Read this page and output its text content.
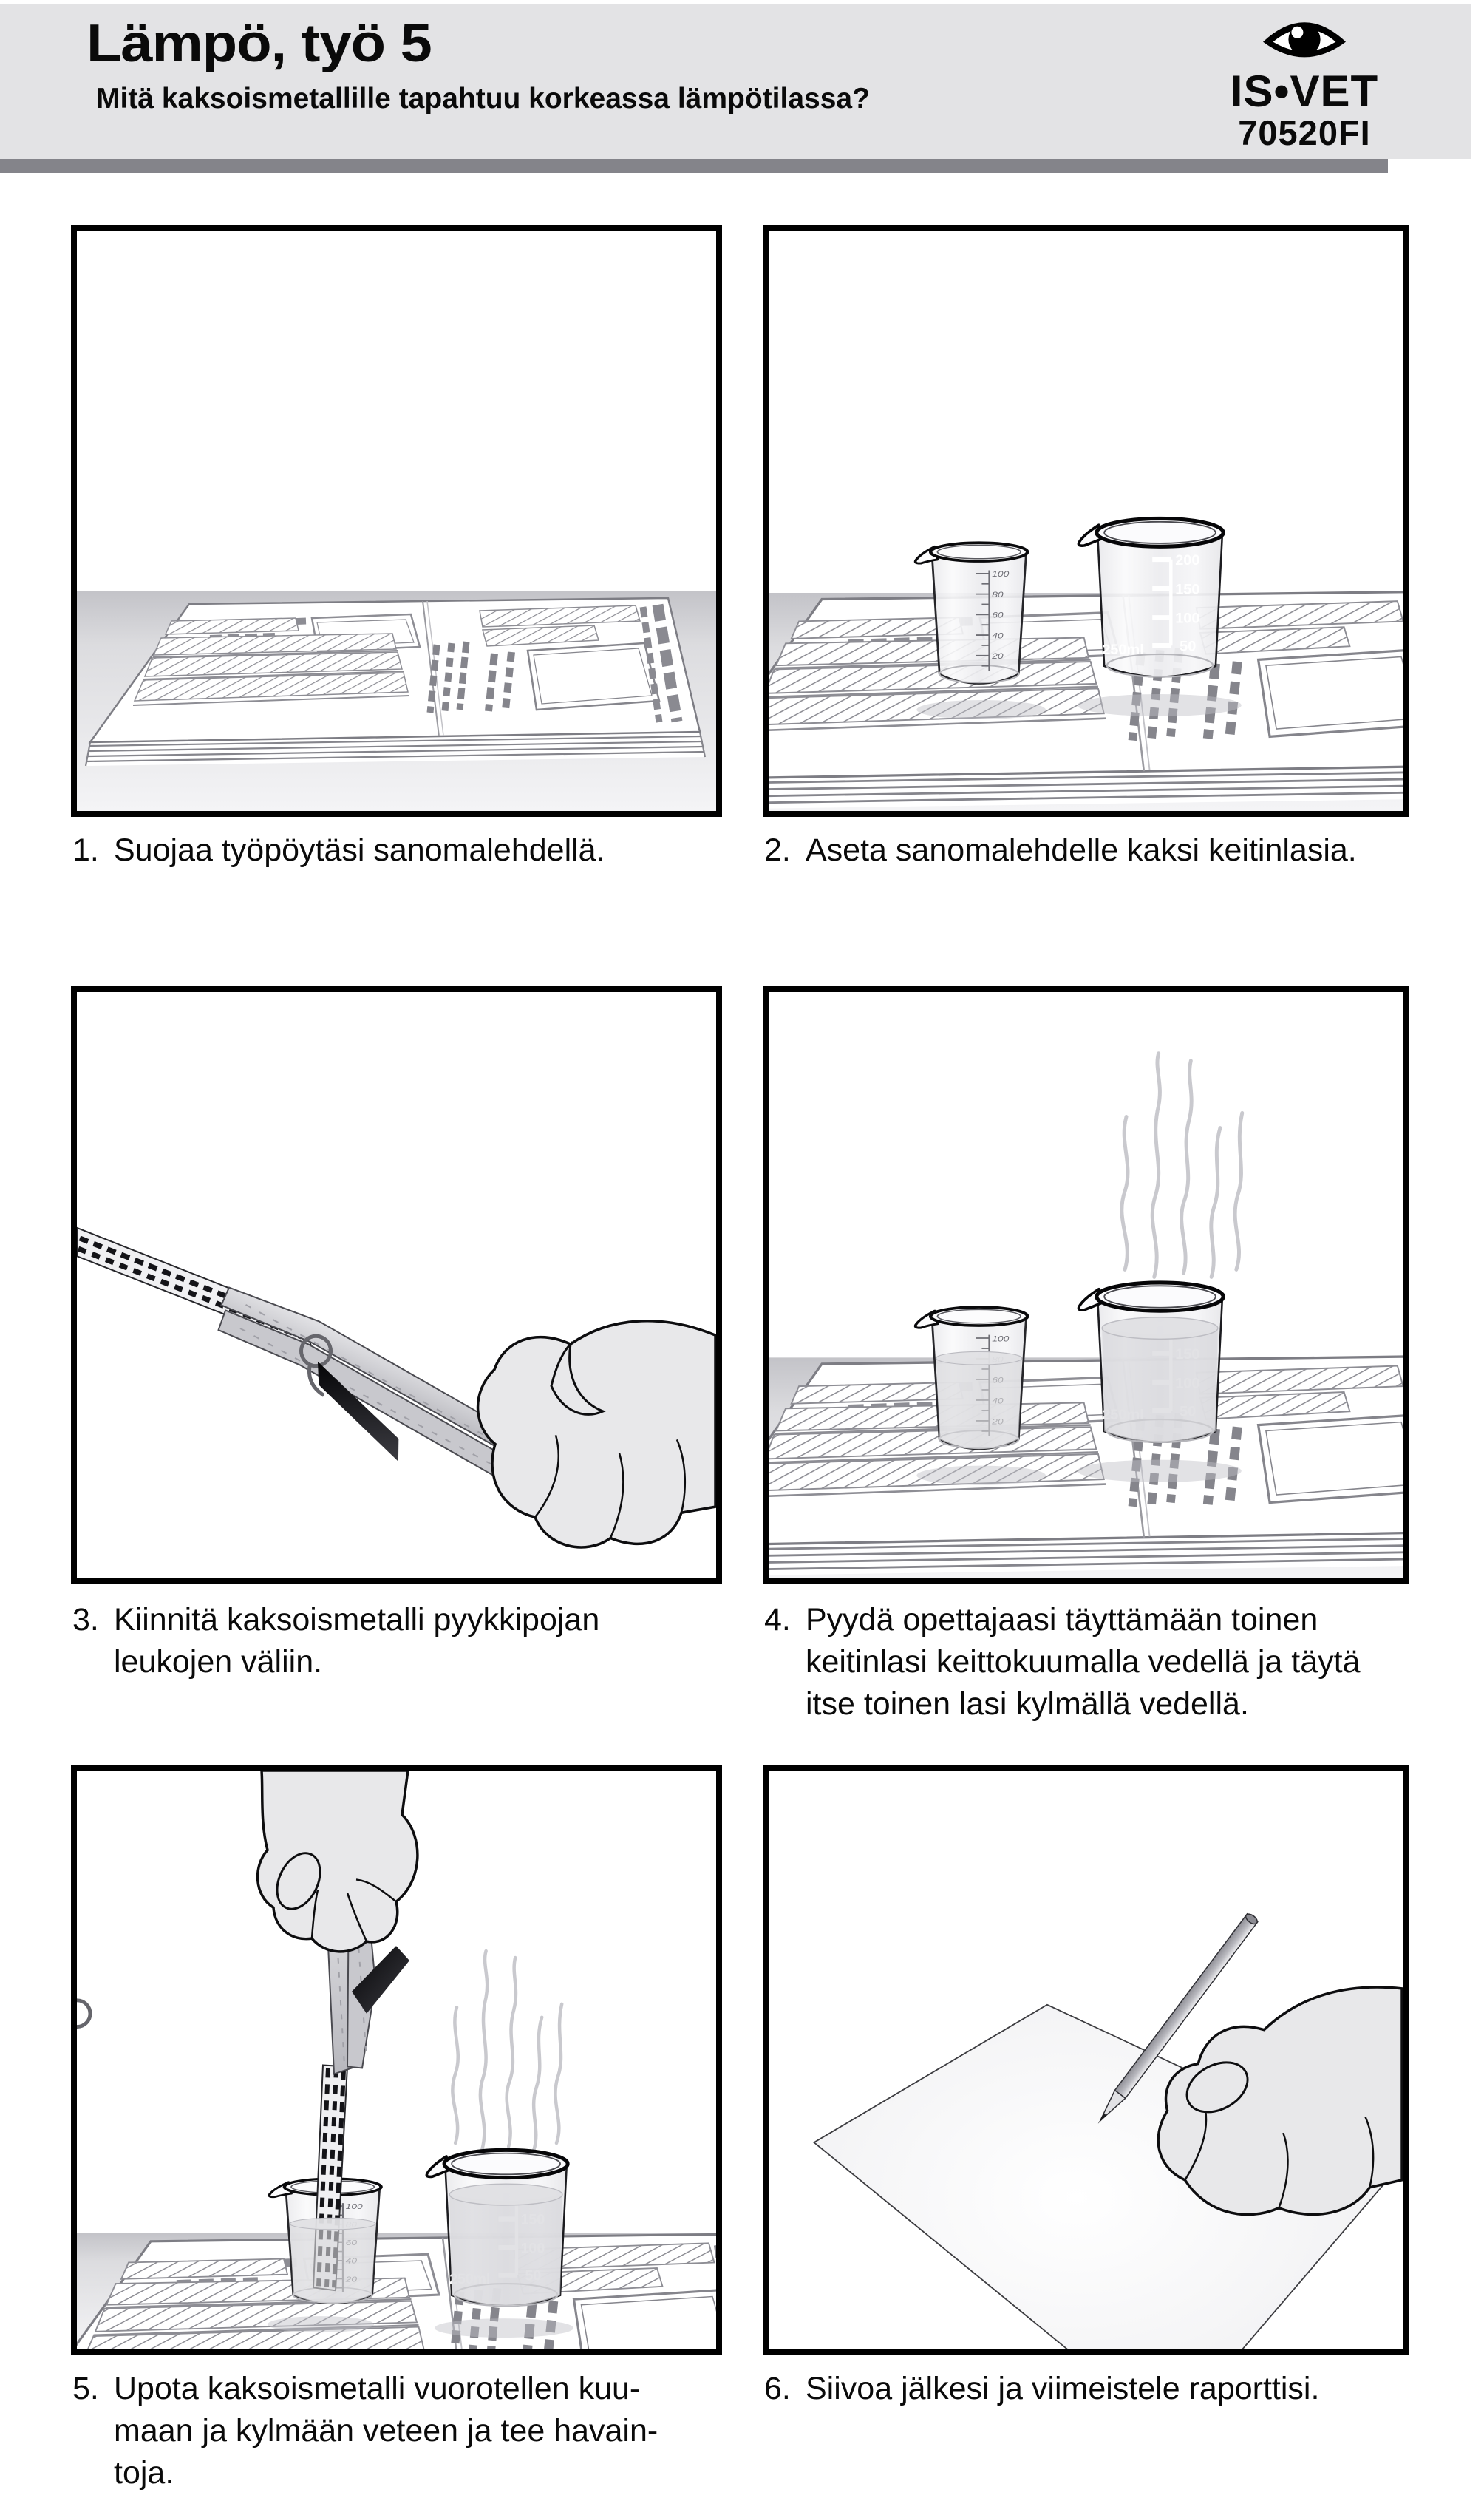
Lämpö, työ 5
Mitä kaksoismetallille tapahtuu korkeassa lämpötilassa?	IS•VET
70520FI
1. Suojaa työpöytäsi sanomalehdellä.	2. Aseta sanomalehdelle kaksi keitinlasia.
3. Kiinnitä kaksoismetalli pyykkipojan
leukojen väliin.
4. Pyydä opettajaasi täyttämään toinen
keitinlasi keittokuumalla vedellä ja täytä
itse toinen lasi kylmällä vedellä.
5. Upota kaksoismetalli vuorotellen kuu-
maan ja kylmään veteen ja tee havain-
toja.
6. Siivoa jälkesi ja viimeistele raporttisi.
